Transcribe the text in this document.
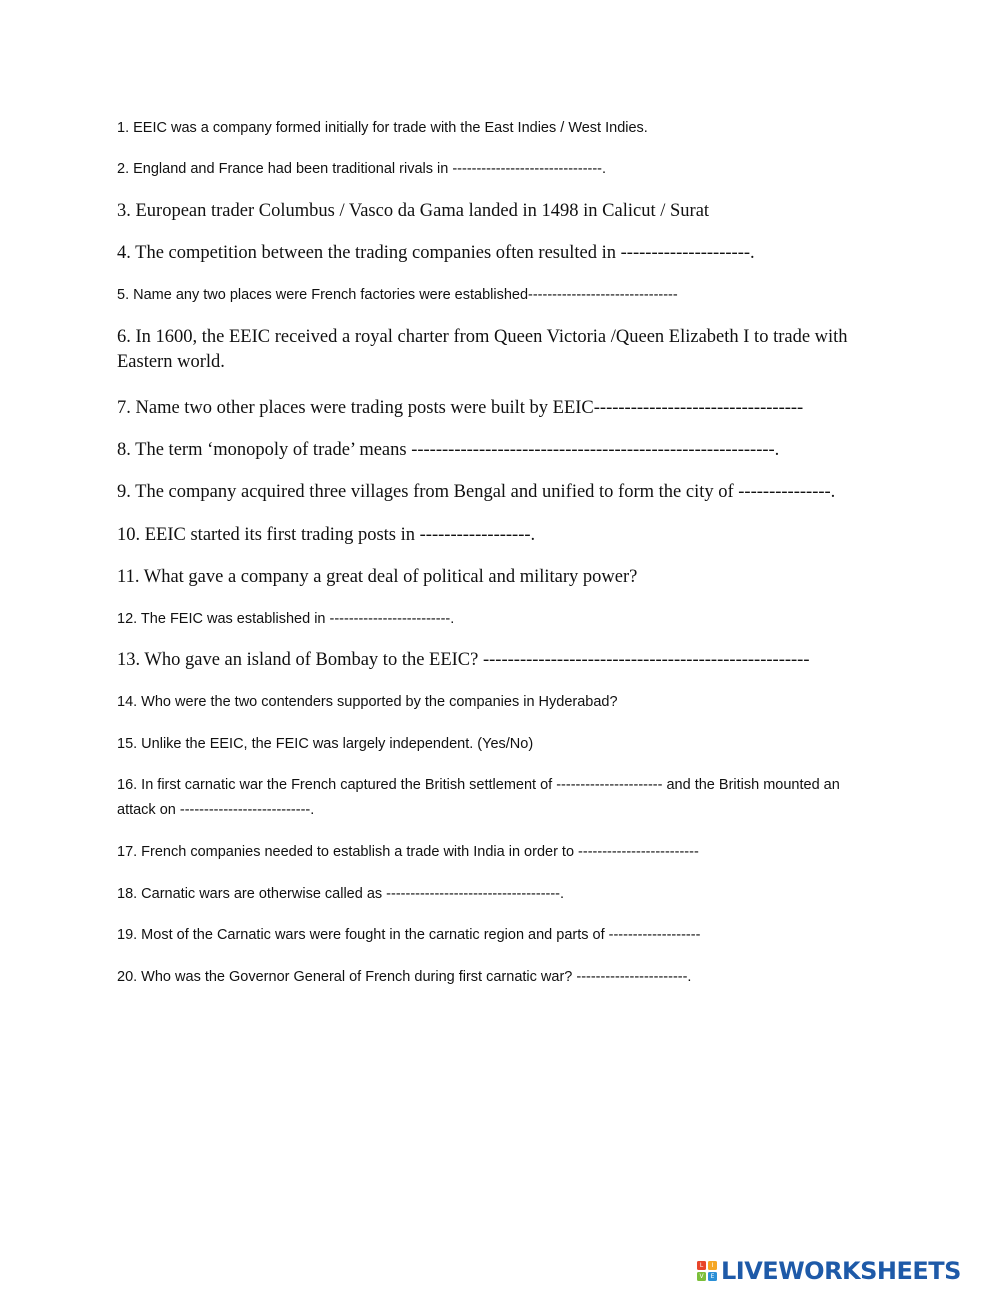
1. EEIC was a company formed initially for trade with the East Indies / West Indies.

2. England and France had been traditional rivals in -------------------------------.

3. European trader Columbus / Vasco da Gama landed in 1498 in Calicut / Surat

4. The competition between the trading companies often resulted in ---------------------.

5. Name any two places were French factories were established-------------------------------

6. In 1600, the EEIC received a royal charter from Queen Victoria /Queen Elizabeth I to trade with Eastern world.

7. Name two other places were trading posts were built by EEIC----------------------------------

8. The term ‘monopoly of trade’ means -----------------------------------------------------------.

9. The company acquired three villages from Bengal and unified to form the city of ---------------.

10. EEIC started its first trading posts in ------------------.

11. What gave a company a great deal of political and military power?

12. The FEIC was established in -------------------------.

13. Who gave an island of Bombay to the EEIC? -----------------------------------------------------

14. Who were the two contenders supported by the companies in Hyderabad?

15. Unlike the EEIC, the FEIC was largely independent. (Yes/No)

16. In first carnatic war the French captured the British settlement of ---------------------- and the British mounted an attack on ---------------------------.

17. French companies needed to establish a trade with India in order to -------------------------

18. Carnatic wars are otherwise called as ------------------------------------.

19. Most of the Carnatic wars were fought in the carnatic region and parts of -------------------

20. Who was the Governor General of French during first carnatic war? -----------------------.

L	I
V	E LIVEWORKSHEETS
